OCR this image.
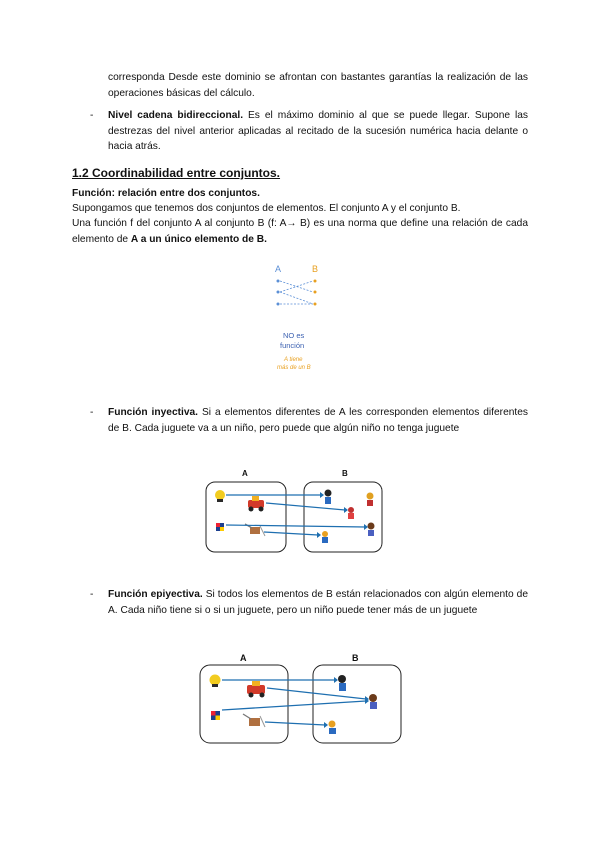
corresponda Desde este dominio se afrontan con bastantes garantías la realización de las operaciones básicas del cálculo.
- Nivel cadena bidireccional. Es el máximo dominio al que se puede llegar. Supone las destrezas del nivel anterior aplicadas al recitado de la sucesión numérica hacia delante o hacia atrás.
1.2 Coordinabilidad entre conjuntos.
Función: relación entre dos conjuntos.
Supongamos que tenemos dos conjuntos de elementos. El conjunto A y el conjunto B.
Una función f del conjunto A al conjunto B (f: A→ B) es una norma que define una relación de cada elemento de A a un único elemento de B.
A	B
NO es
función
A tiene
más de un B
- Función inyectiva. Si a elementos diferentes de A les corresponden elementos diferentes de B. Cada juguete va a un niño, pero puede que algún niño no tenga juguete
A	B
- Función epiyectiva. Si todos los elementos de B están relacionados con algún elemento de A. Cada niño tiene si o si un juguete, pero un niño puede tener más de un juguete
A	B
